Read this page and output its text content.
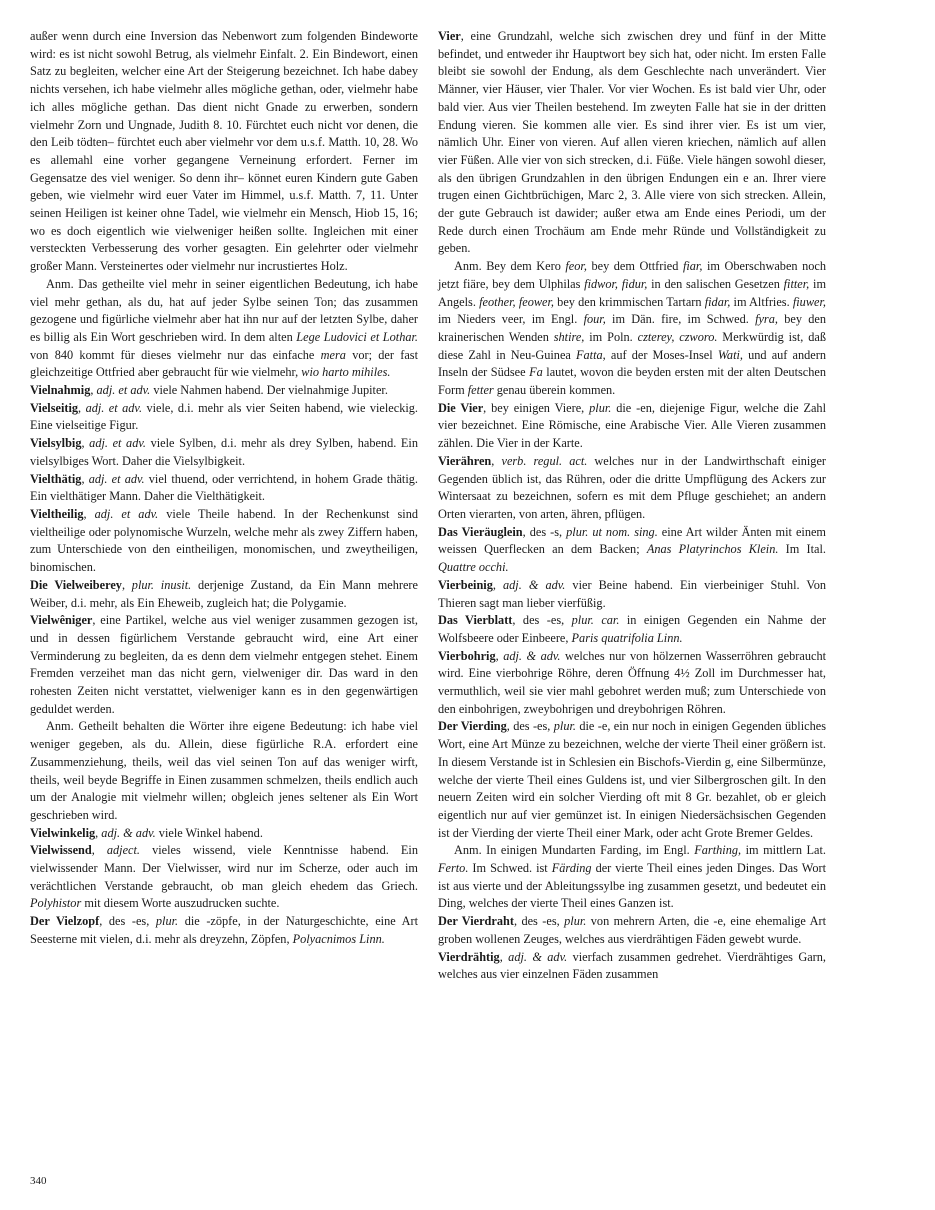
außer wenn durch eine Inversion das Nebenwort zum folgenden Bindeworte wird: es ist nicht sowohl Betrug, als vielmehr Einfalt. 2. Ein Bindewort, einen Satz zu begleiten, welcher eine Art der Steigerung bezeichnet. Ich habe dabey nichts versehen, ich habe vielmehr alles mögliche gethan, oder, vielmehr habe ich alles mögliche gethan. Das dient nicht Gnade zu erwerben, sondern vielmehr Zorn und Ungnade, Judith 8. 10. Fürchtet euch nicht vor denen, die den Leib tödten– fürchtet euch aber vielmehr vor dem u.s.f. Matth. 10, 28. Wo es allemahl eine vorher gegangene Verneinung erfordert. Ferner im Gegensatze des viel weniger. So denn ihr– könnet euren Kindern gute Gaben geben, wie vielmehr wird euer Vater im Himmel, u.s.f. Matth. 7, 11. Unter seinen Heiligen ist keiner ohne Tadel, wie vielmehr ein Mensch, Hiob 15, 16; wo es doch eigentlich wie vielweniger heißen sollte. Ingleichen mit einer versteckten Verbesserung des vorher gesagten. Ein gelehrter oder vielmehr großer Mann. Versteinertes oder vielmehr nur incrustiertes Holz.

Anm. Das getheilte viel mehr in seiner eigentlichen Bedeutung, ich habe viel mehr gethan, als du, hat auf jeder Sylbe seinen Ton; das zusammen gezogene und figürliche vielmehr aber hat ihn nur auf der letzten Sylbe, daher es billig als Ein Wort geschrieben wird. In dem alten Lege Ludovici et Lothar. von 840 kommt für dieses vielmehr nur das einfache mera vor; der fast gleichzeitige Ottfried aber gebraucht für wie vielmehr, wio harto mihiles.

Vielnahmig, adj. et adv. viele Nahmen habend. Der vielnahmige Jupiter.

Vielseitig, adj. et adv. viele, d.i. mehr als vier Seiten habend, wie vieleckig. Eine vielseitige Figur.

Vielsylbig, adj. et adv. viele Sylben, d.i. mehr als drey Sylben, habend. Ein vielsylbiges Wort. Daher die Vielsylbigkeit.

Vielthätig, adj. et adv. viel thuend, oder verrichtend, in hohem Grade thätig. Ein vielthätiger Mann. Daher die Vielthätigkeit.

Vieltheilig, adj. et adv. viele Theile habend. In der Rechenkunst sind vieltheilige oder polynomische Wurzeln, welche mehr als zwey Ziffern haben, zum Unterschiede von den eintheiligen, monomischen, und zweytheiligen, binomischen.

Die Vielweiberey, plur. inusit. derjenige Zustand, da Ein Mann mehrere Weiber, d.i. mehr, als Ein Eheweib, zugleich hat; die Polygamie.

Vielwêniger, eine Partikel, welche aus viel weniger zusammen gezogen ist, und in dessen figürlichem Verstande gebraucht wird, eine Art einer Verminderung zu begleiten, da es denn dem vielmehr entgegen stehet. Einem Fremden verzeihet man das nicht gern, vielweniger dir. Das ward in den rohesten Zeiten nicht verstattet, vielweniger kann es in den gegenwärtigen geduldet werden.

Anm. Getheilt behalten die Wörter ihre eigene Bedeutung: ich habe viel weniger gegeben, als du. Allein, diese figürliche R.A. erfordert eine Zusammenziehung, theils, weil das viel seinen Ton auf das weniger wirft, theils, weil beyde Begriffe in Einen zusammen schmelzen, theils endlich auch um der Analogie mit vielmehr willen; obgleich jenes seltener als Ein Wort geschrieben wird.

Vielwinkelig, adj. & adv. viele Winkel habend.

Vielwissend, adject. vieles wissend, viele Kenntnisse habend. Ein vielwissender Mann. Der Vielwisser, wird nur im Scherze, oder auch im verächtlichen Verstande gebraucht, ob man gleich ehedem das Griech. Polyhistor mit diesem Worte auszudrucken suchte.

Der Vielzopf, des -es, plur. die -zöpfe, in der Naturgeschichte, eine Art Seesterne mit vielen, d.i. mehr als dreyzehn, Zöpfen, Polyacnimos Linn.

Vier, eine Grundzahl, welche sich zwischen drey und fünf in der Mitte befindet, und entweder ihr Hauptwort bey sich hat, oder nicht. Im ersten Falle bleibt sie sowohl der Endung, als dem Geschlechte nach unverändert. Vier Männer, vier Häuser, vier Thaler. Vor vier Wochen. Es ist bald vier Uhr, oder bald vier. Aus vier Theilen bestehend. Im zweyten Falle hat sie in der dritten Endung vieren. Sie kommen alle vier. Es sind ihrer vier. Es ist um vier, nämlich Uhr. Einer von vieren. Auf allen vieren kriechen, nämlich auf allen vier Füßen. Alle vier von sich strecken, d.i. Füße. Viele hängen sowohl dieser, als den übrigen Grundzahlen in den übrigen Endungen ein e an. Ihrer viere trugen einen Gichtbrüchigen, Marc 2, 3. Alle viere von sich strecken. Allein, der gute Gebrauch ist dawider; außer etwa am Ende eines Periodi, um der Rede durch einen Trochäum am Ende mehr Ründe und Vollständigkeit zu geben.

Anm. Bey dem Kero feor, bey dem Ottfried fiar, im Oberschwaben noch jetzt fiäre, bey dem Ulphilas fidwor, fidur, in den salischen Gesetzen fitter, im Angels. feother, feower, bey den krimmischen Tartarn fidar, im Altfries. fiuwer, im Nieders veer, im Engl. four, im Dän. fire, im Schwed. fyra, bey den krainerischen Wenden shtire, im Poln. czterey, czworo. Merkwürdig ist, daß diese Zahl in Neu-Guinea Fatta, auf der Moses-Insel Wati, und auf andern Inseln der Südsee Fa lautet, wovon die beyden ersten mit der alten Deutschen Form fetter genau überein kommen.

Die Vier, bey einigen Viere, plur. die -en, diejenige Figur, welche die Zahl vier bezeichnet. Eine Römische, eine Arabische Vier. Alle Vieren zusammen zählen. Die Vier in der Karte.

Vierähren, verb. regul. act. welches nur in der Landwirthschaft einiger Gegenden üblich ist, das Rühren, oder die dritte Umpflügung des Ackers zur Wintersaat zu bezeichnen, sofern es mit dem Pfluge geschiehet; an andern Orten vierarten, von arten, ähren, pflügen.

Das Vieräuglein, des -s, plur. ut nom. sing. eine Art wilder Änten mit einem weissen Querflecken an dem Backen; Anas Platyrinchos Klein. Im Ital. Quattre occhi.

Vierbeinig, adj. & adv. vier Beine habend. Ein vierbeiniger Stuhl. Von Thieren sagt man lieber vierfüßig.

Das Vierblatt, des -es, plur. car. in einigen Gegenden ein Nahme der Wolfsbeere oder Einbeere, Paris quatrifolia Linn.

Vierbohrig, adj. & adv. welches nur von hölzernen Wasserröhren gebraucht wird. Eine vierbohrige Röhre, deren Öffnung 4½ Zoll im Durchmesser hat, vermuthlich, weil sie vier mahl gebohret werden muß; zum Unterschiede von den einbohrigen, zweybohrigen und dreybohrigen Röhren.

Der Vierding, des -es, plur. die -e, ein nur noch in einigen Gegenden übliches Wort, eine Art Münze zu bezeichnen, welche der vierte Theil einer größern ist. In diesem Verstande ist in Schlesien ein Bischofs-Vierdin g, eine Silbermünze, welche der vierte Theil eines Guldens ist, und vier Silbergroschen gilt. In den neuern Zeiten wird ein solcher Vierding oft mit 8 Gr. bezahlet, ob er gleich eigentlich nur auf vier gemünzet ist. In einigen Niedersächsischen Gegenden ist der Vierding der vierte Theil einer Mark, oder acht Grote Bremer Geldes.

Anm. In einigen Mundarten Farding, im Engl. Farthing, im mittlern Lat. Ferto. Im Schwed. ist Färding der vierte Theil eines jeden Dinges. Das Wort ist aus vierte und der Ableitungssylbe ing zusammen gesetzt, und bedeutet ein Ding, welches der vierte Theil eines Ganzen ist.

Der Vierdraht, des -es, plur. von mehrern Arten, die -e, eine ehemalige Art groben wollenen Zeuges, welches aus vierdrähtigen Fäden gewebt wurde.

Vierdrähtig, adj. & adv. vierfach zusammen gedrehet. Vierdrähtiges Garn, welches aus vier einzelnen Fäden zusammen

340
